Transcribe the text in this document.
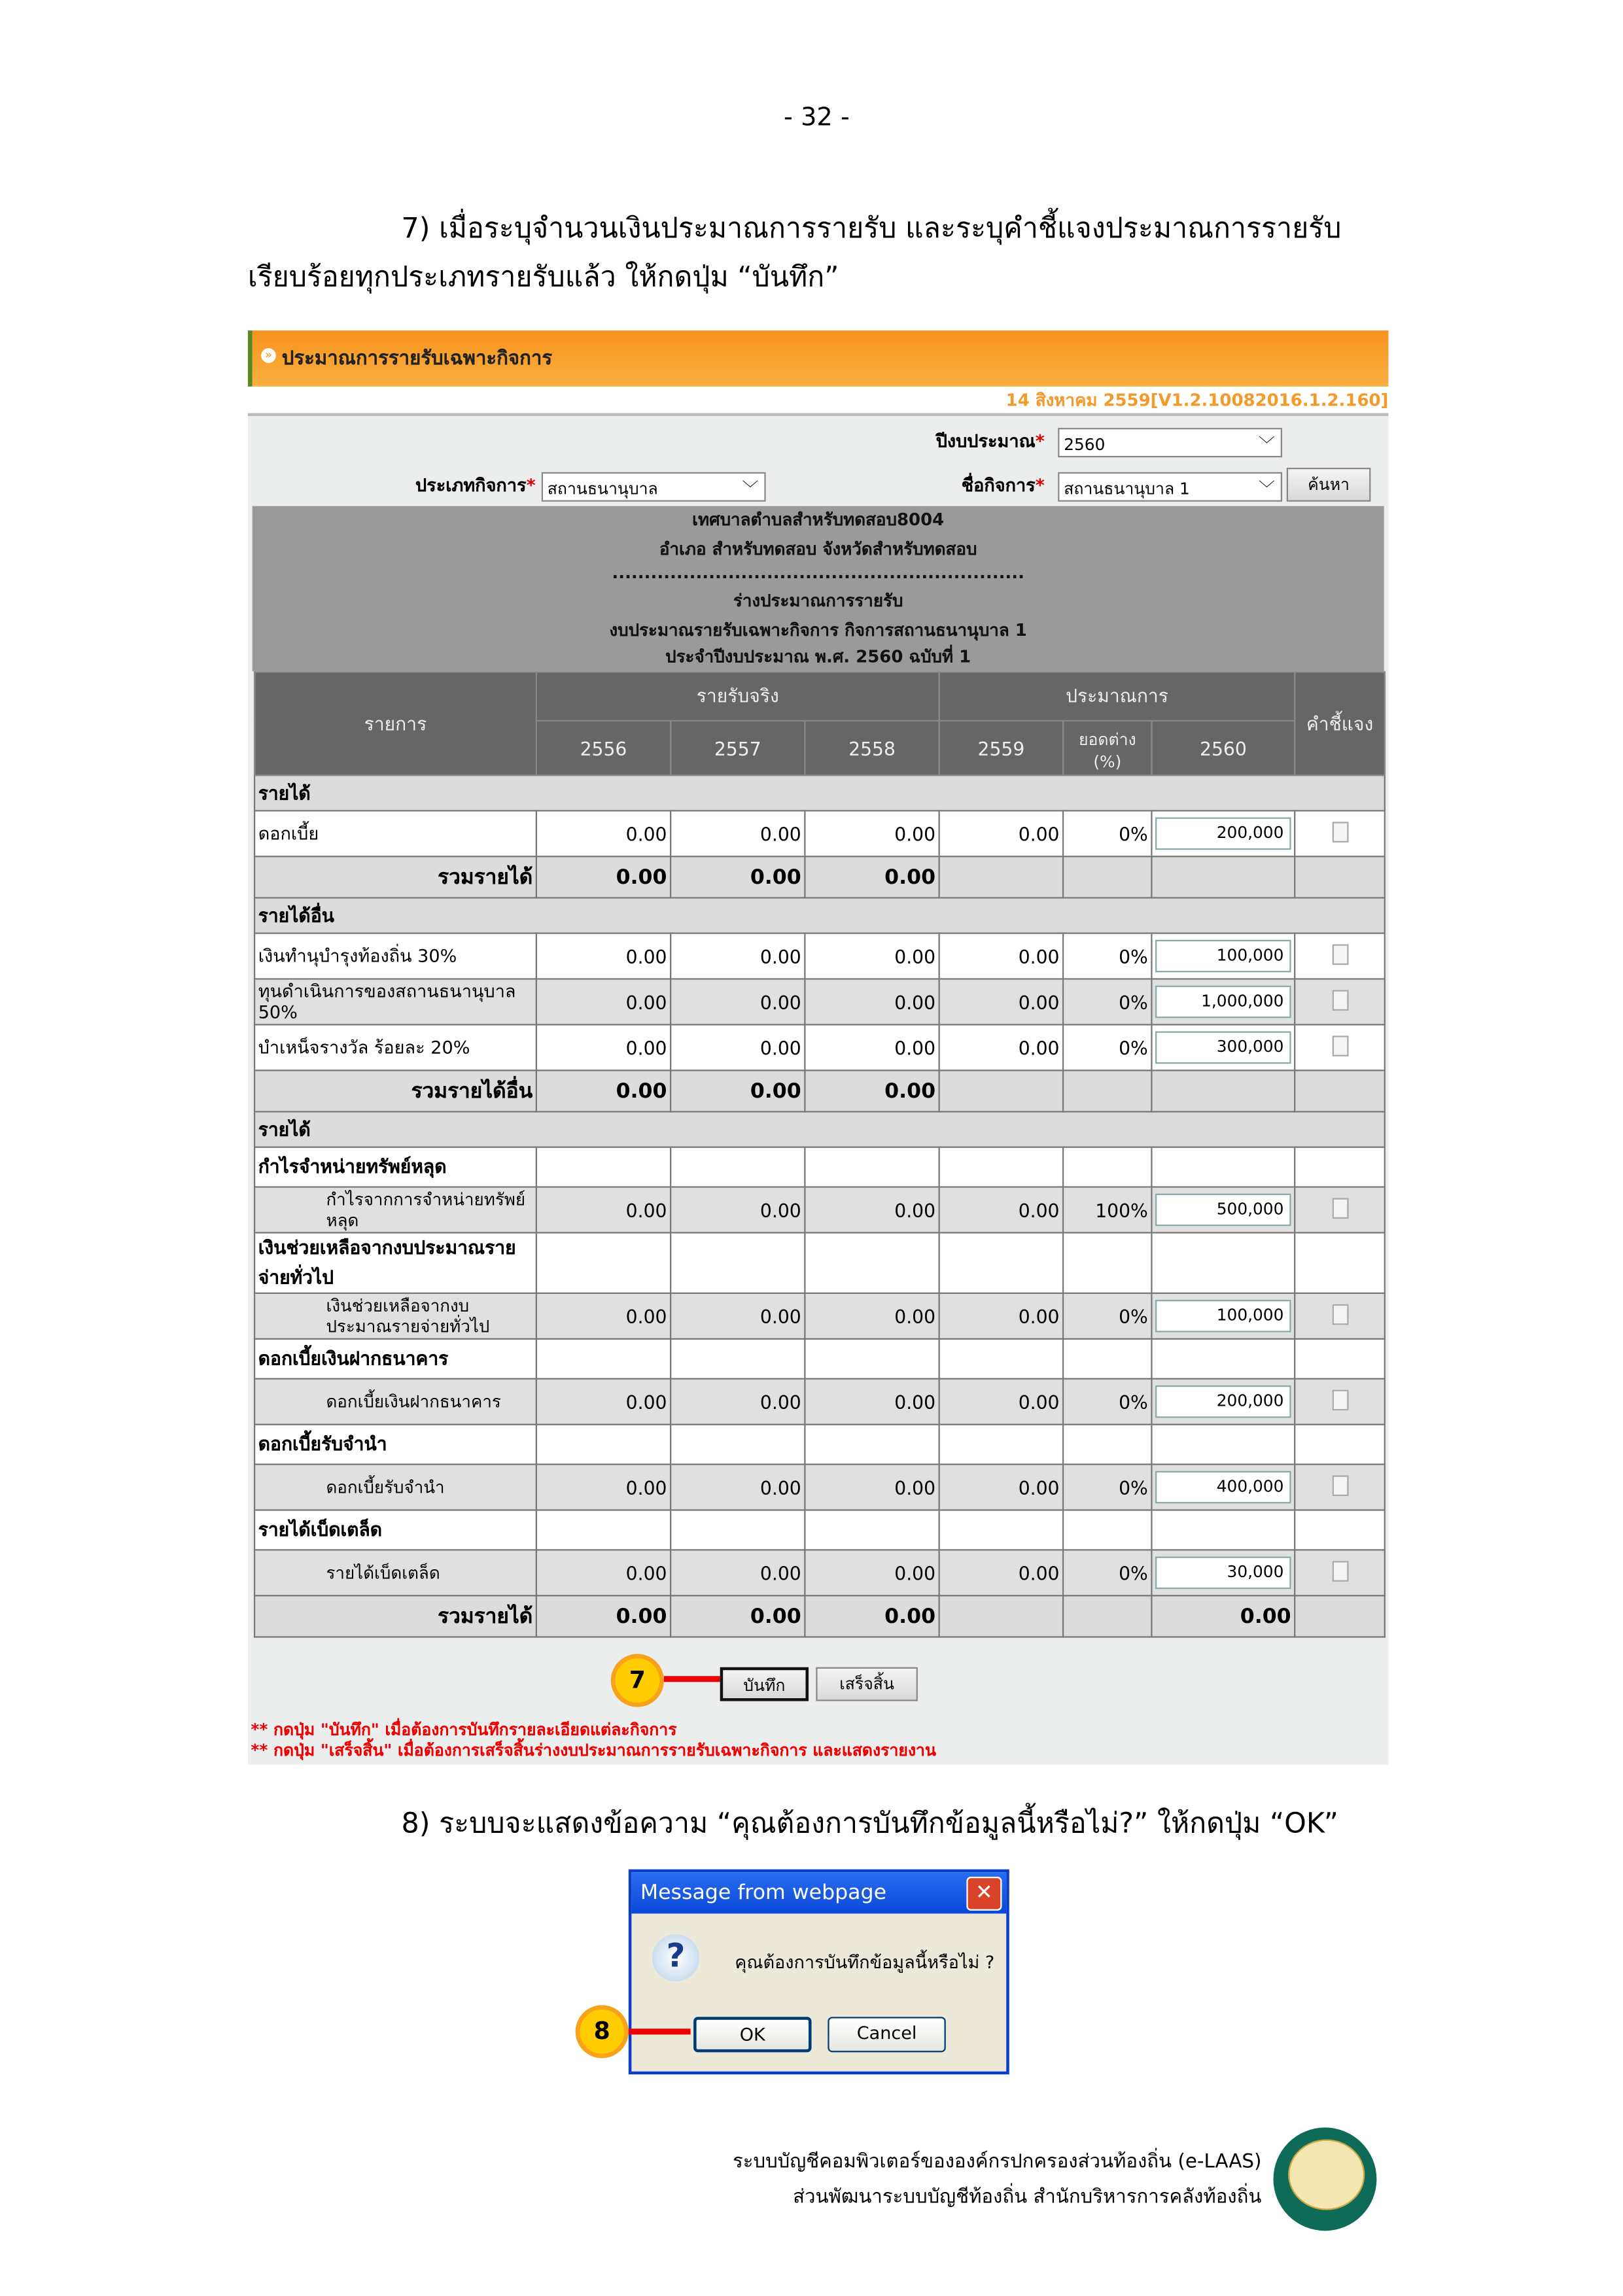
- 32 -
7) เมื่อระบุจำนวนเงินประมาณการรายรับ และระบุคำชี้แจงประมาณการรายรับ
เรียบร้อยทุกประเภทรายรับแล้ว ให้กดปุ่ม “บันทึก”
»	ประมาณการรายรับเฉพาะกิจการ
14 สิงหาคม 2559[V1.2.10082016.1.2.160]
ปีงบประมาณ*	2560	﹀
ประเภทกิจการ*	สถานธนานุบาล	﹀	ชื่อกิจการ*	สถานธนานุบาล 1	﹀	ค้นหา
เทศบาลตำบลสำหรับทดสอบ8004
อำเภอ สำหรับทดสอบ จังหวัดสำหรับทดสอบ
................................................................
ร่างประมาณการรายรับ
งบประมาณรายรับเฉพาะกิจการ กิจการสถานธนานุบาล 1
ประจำปีงบประมาณ พ.ศ. 2560 ฉบับที่ 1
รายการ	รายรับจริง			ประมาณการ			คำชี้แจง
	2556	2557	2558	2559	ยอดต่าง (%)	2560	
รายได้							
ดอกเบี้ย	0.00	0.00	0.00	0.00	0%	200,000	

รวมรายได้	0.00	0.00	0.00				
รายได้อื่น							
เงินทำนุบำรุงท้องถิ่น 30%	0.00	0.00	0.00	0.00	0%	100,000	

ทุนดำเนินการของสถานธนานุบาล 50%	0.00	0.00	0.00	0.00	0%	1,000,000	

บำเหน็จรางวัล ร้อยละ 20%	0.00	0.00	0.00	0.00	0%	300,000	

รวมรายได้อื่น	0.00	0.00	0.00				
รายได้							
กำไรจำหน่ายทรัพย์หลุด							
กำไรจากการจำหน่ายทรัพย์หลุด	0.00	0.00	0.00	0.00	100%	500,000	

เงินช่วยเหลือจากงบประมาณรายจ่ายทั่วไป							
เงินช่วยเหลือจากงบประมาณรายจ่ายทั่วไป	0.00	0.00	0.00	0.00	0%	100,000	

ดอกเบี้ยเงินฝากธนาคาร							
ดอกเบี้ยเงินฝากธนาคาร	0.00	0.00	0.00	0.00	0%	200,000	

ดอกเบี้ยรับจำนำ							
ดอกเบี้ยรับจำนำ	0.00	0.00	0.00	0.00	0%	400,000	

รายได้เบ็ดเตล็ด							
รายได้เบ็ดเตล็ด	0.00	0.00	0.00	0.00	0%	30,000	

รวมรายได้	0.00	0.00	0.00			0.00	
7	บันทึก	เสร็จสิ้น
** กดปุ่ม "บันทึก" เมื่อต้องการบันทึกรายละเอียดแต่ละกิจการ
** กดปุ่ม "เสร็จสิ้น" เมื่อต้องการเสร็จสิ้นร่างงบประมาณการรายรับเฉพาะกิจการ และแสดงรายงาน
8) ระบบจะแสดงข้อความ “คุณต้องการบันทึกข้อมูลนี้หรือไม่?” ให้กดปุ่ม “OK”
Message from webpage	✕
?	คุณต้องการบันทึกข้อมูลนี้หรือไม่ ?
OK	Cancel
8
ระบบบัญชีคอมพิวเตอร์ขององค์กรปกครองส่วนท้องถิ่น (e-LAAS)
ส่วนพัฒนาระบบบัญชีท้องถิ่น สำนักบริหารการคลังท้องถิ่น
